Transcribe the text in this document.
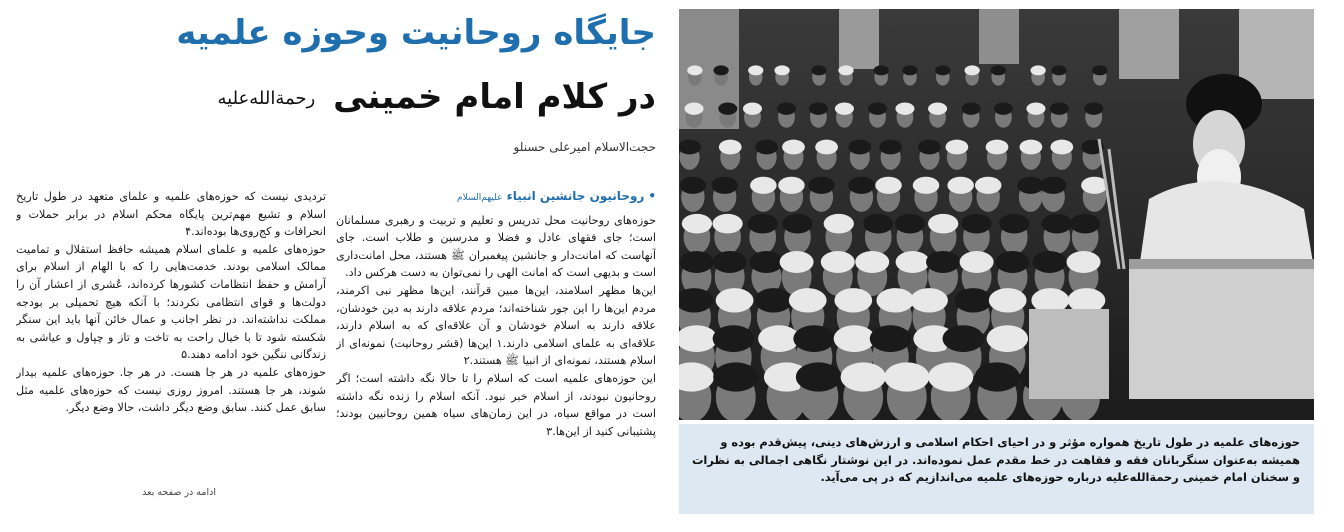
جایگاه روحانیت وحوزه علمیه
در کلام امام خمینی رحمة‌الله‌علیه
حجت‌الاسلام امیرعلی حسنلو
•روحانیون جانشین انبیاء علیهم‌السلام

حوزه‌های روحانیت محل تدریس و تعلیم و تربیت و رهبری مسلمانان است؛ جای فقهای عادل و فضلا و مدرسین و طلاب است. جای آنهاست که امانت‌دار و جانشین پیغمبران ﷺ هستند، محل امانت‌داری است و بدیهی است که امانت الهی را نمی‌توان به دست هرکس داد.

این‌ها مظهر اسلامند، این‌ها مبین قرآنند، این‌ها مظهر نبی اکرمند، مردم این‌ها را این جور شناخته‌اند؛ مردم علاقه دارند به دین خودشان، علاقه دارند به اسلام خودشان و آن علاقه‌ای که به اسلام دارند، علاقه‌ای به علمای اسلامی دارند.۱ این‌ها (قشر روحانیت) نمونه‌ای از اسلام هستند، نمونه‌ای از انبیا ﷺ هستند.۲

این حوزه‌های علمیه است که اسلام را تا حالا نگه داشته است؛ اگر روحانیون نبودند، از اسلام خبر نبود. آنکه اسلام را زنده نگه داشته است در مواقع سیاه، در این زمان‌های سیاه همین روحانیین بودند؛ پشتیبانی کنید از این‌ها.۳

تردیدی نیست که حوزه‌های علمیه و علمای متعهد در طول تاریخ اسلام و تشیع مهم‌ترین پایگاه محکم اسلام در برابر حملات و انحرافات و کج‌روی‌ها بوده‌اند.۴

حوزه‌های علمیه و علمای اسلام همیشه حافظ استقلال و تمامیت ممالک اسلامی بودند. خدمت‌هایی را که با الهام از اسلام برای آرامش و حفظ انتظامات کشورها کرده‌اند، عُشری از اعشار آن را دولت‌ها و قوای انتظامی نکردند؛ با آنکه هیچ تحمیلی بر بودجه مملکت نداشته‌اند. در نظر اجانب و عمال خائن آنها باید این سنگر شکسته شود تا با خیال راحت به تاخت و تاز و چپاول و عیاشی به زندگانی ننگین خود ادامه دهند.۵

حوزه‌های علمیه در هر جا هست. در هر جا. حوزه‌های علمیه بیدار شوند، هر جا هستند. امروز روزی نیست که حوزه‌های علمیه مثل سابق عمل کنند. سابق وضع دیگر داشت، حالا وضع دیگر.

ادامه در صفحه بعد
حوزه‌های علمیه در طول تاریخ همواره مؤثر و در احیای احکام اسلامی و ارزش‌های دینی، پیش‌قدم بوده و همیشه به‌عنوان سنگربانان فقه و فقاهت در خط مقدم عمل نموده‌اند. در این نوشتار نگاهی اجمالی به نظرات و سخنان امام خمینی رحمة‌الله‌علیه درباره حوزه‌های علمیه می‌اندازیم که در پی می‌آید.
